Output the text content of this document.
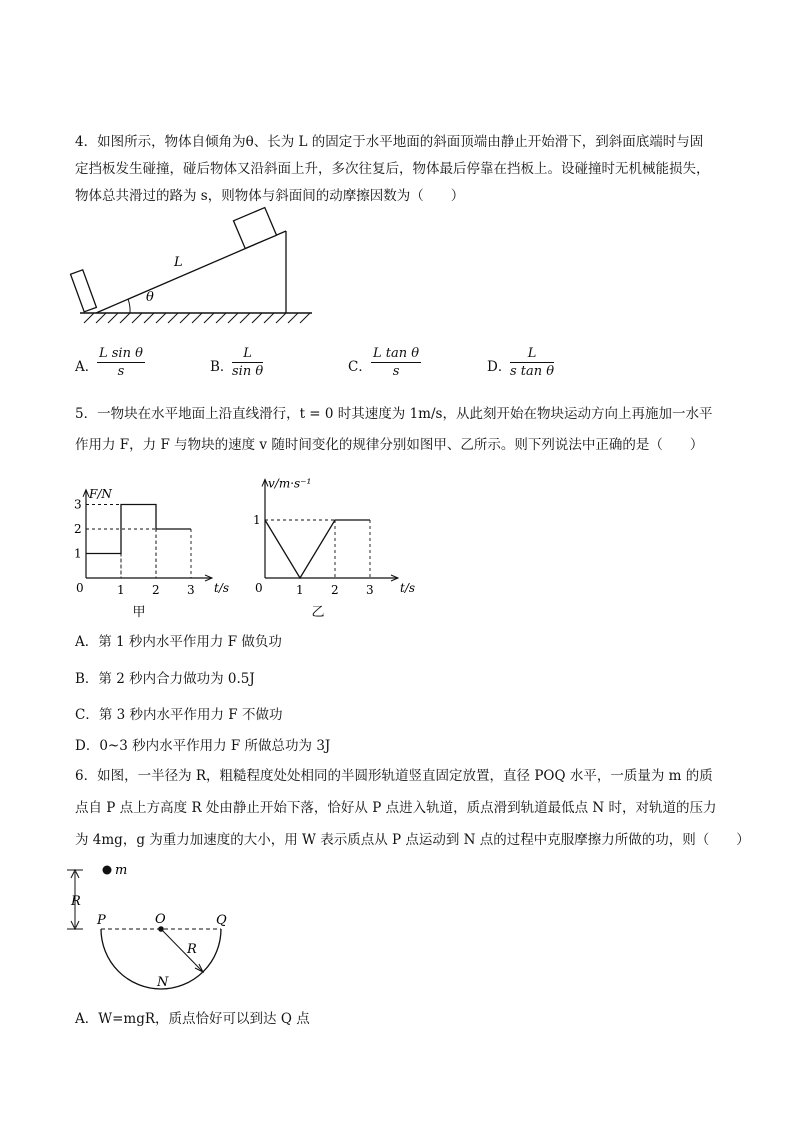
4．如图所示，物体自倾角为θ、长为 L 的固定于水平地面的斜面顶端由静止开始滑下，到斜面底端时与固
定挡板发生碰撞，碰后物体又沿斜面上升，多次往复后，物体最后停靠在挡板上。设碰撞时无机械能损失，
物体总共滑过的路为 s，则物体与斜面间的动摩擦因数为（　　）
L
θ
A．
$\frac{\text{L sin θ}}{s}$	B．
$\frac{L}{\text{sin θ}}$	C． $\frac{\text{L tan θ}}{s}$	D．
$\frac{L}{\text{s tan θ}}$
5．一物块在水平地面上沿直线滑行，t = 0 时其速度为 1m/s，从此刻开始在物块运动方向上再施加一水平
作用力 F，力 F 与物块的速度 v 随时间变化的规律分别如图甲、乙所示。则下列说法中正确的是（　　）
t/s
F/N
0	1 2 3
1
2
3
甲
t/s
v/m·s⁻¹
0	1 2 3
1
乙
A．第 1 秒内水平作用力 F 做负功
B．第 2 秒内合力做功为 0.5J
C．第 3 秒内水平作用力 F 不做功
D．0~3 秒内水平作用力 F 所做总功为 3J
6．如图，一半径为 R，粗糙程度处处相同的半圆形轨道竖直固定放置，直径 POQ 水平，一质量为 m 的质
点自 P 点上方高度 R 处由静止开始下落，恰好从 P 点进入轨道，质点滑到轨道最低点 N 时，对轨道的压力
为 4mg，g 为重力加速度的大小，用 W 表示质点从 P 点运动到 N 点的过程中克服摩擦力所做的功，则（　　）
m
R
P	O	Q
R
N
A．W=mgR，质点恰好可以到达 Q 点
